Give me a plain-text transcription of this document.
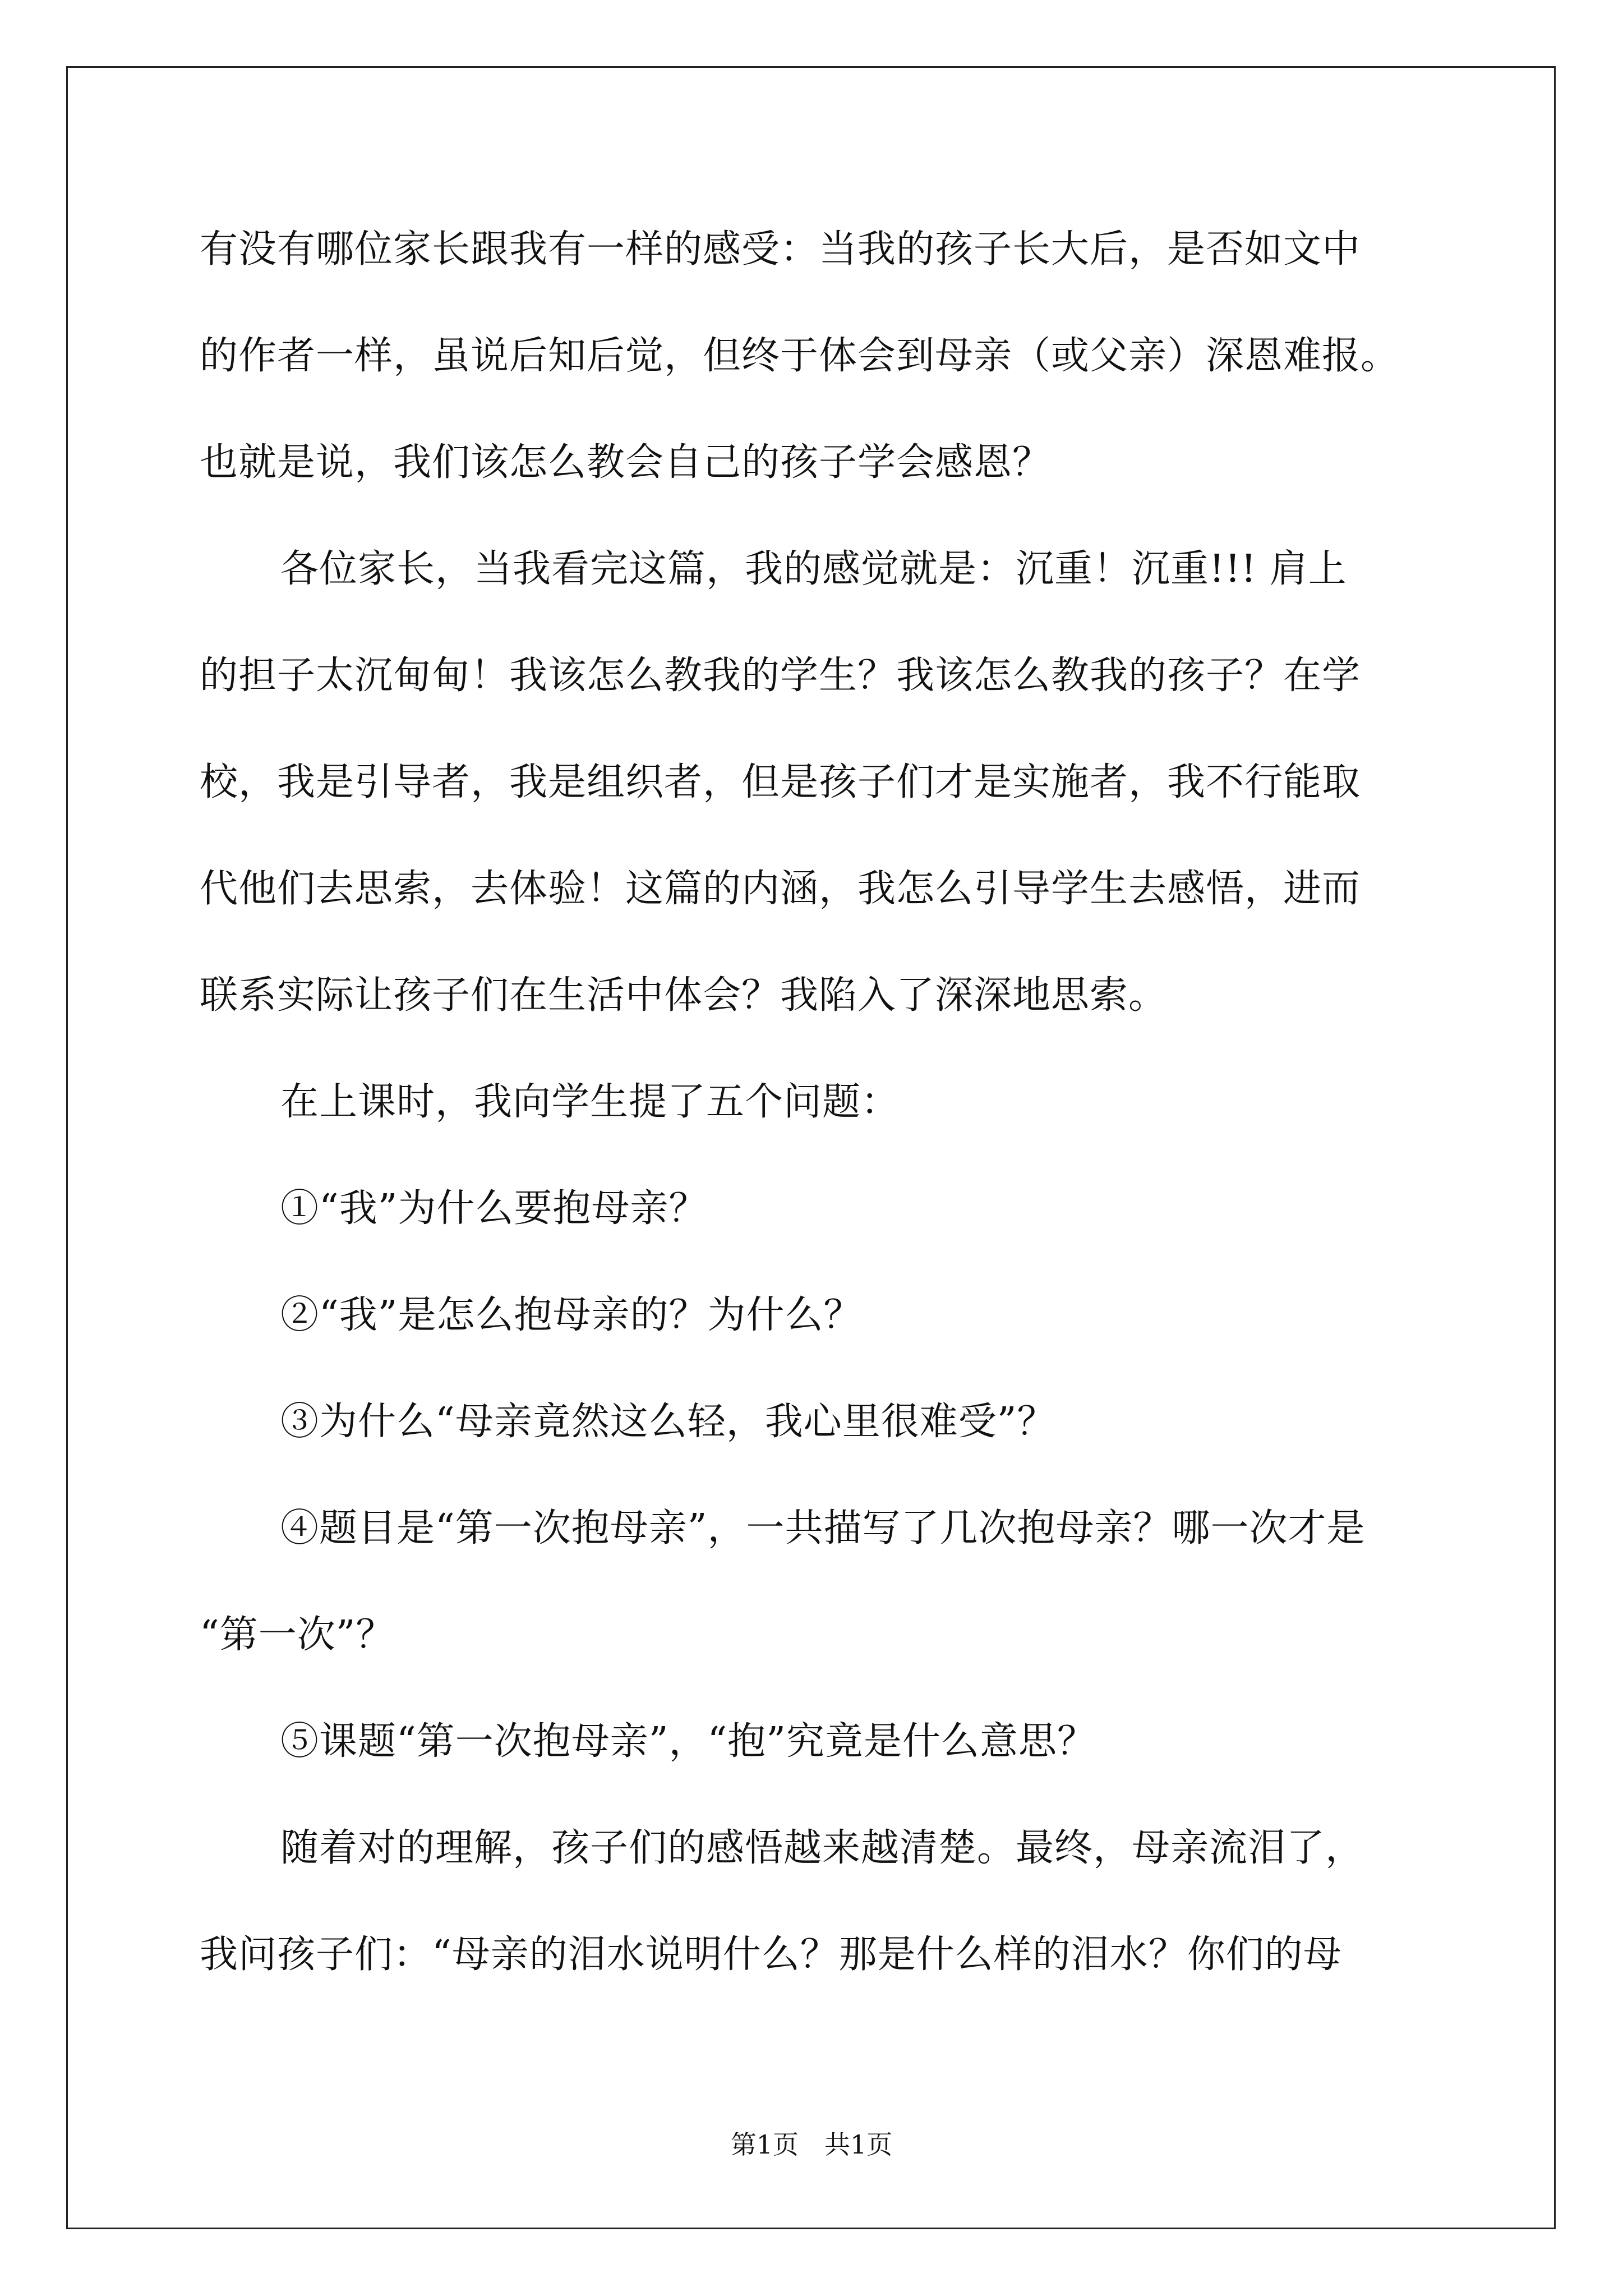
有没有哪位家长跟我有一样的感受：当我的孩子长大后，是否如文中
的作者一样，虽说后知后觉，但终于体会到母亲（或父亲）深恩难报。
也就是说，我们该怎么教会自己的孩子学会感恩？
各位家长，当我看完这篇，我的感觉就是：沉重！沉重!!! 肩上
的担子太沉甸甸！我该怎么教我的学生？我该怎么教我的孩子？在学
校，我是引导者，我是组织者，但是孩子们才是实施者，我不行能取
代他们去思索，去体验！这篇的内涵，我怎么引导学生去感悟，进而
联系实际让孩子们在生活中体会？我陷入了深深地思索。
在上课时，我向学生提了五个问题：
①“我”为什么要抱母亲？
②“我”是怎么抱母亲的？为什么？
③为什么“母亲竟然这么轻，我心里很难受”？
④题目是“第一次抱母亲”，一共描写了几次抱母亲？哪一次才是
“第一次”？
⑤课题“第一次抱母亲”，“抱”究竟是什么意思？
随着对的理解，孩子们的感悟越来越清楚。最终，母亲流泪了，
我问孩子们：“母亲的泪水说明什么？那是什么样的泪水？你们的母
第1页　共1页
